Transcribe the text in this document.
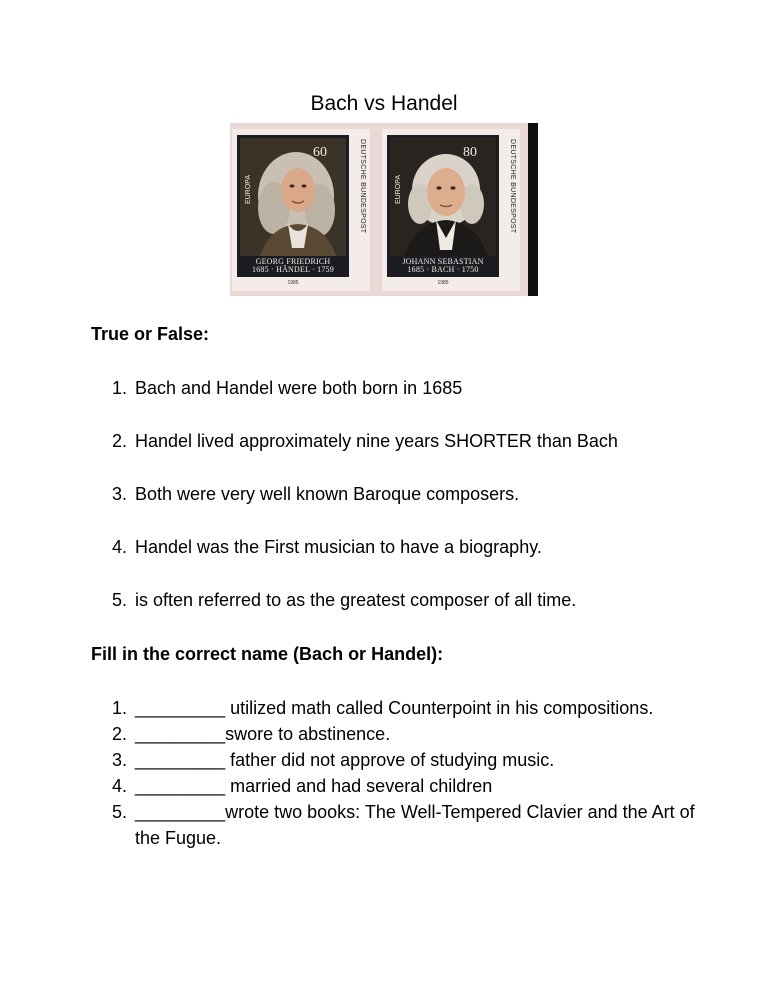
Bach vs Handel
60
EUROPA
GEORG FRIEDRICH
1685 · HÄNDEL · 1759
DEUTSCHE BUNDESPOST
1985
80
EUROPA
JOHANN SEBASTIAN
1685 · BACH · 1750
DEUTSCHE BUNDESPOST
1985
True or False:
1. Bach and Handel were both born in 1685
2. Handel lived approximately nine years SHORTER than Bach
3. Both were very well known Baroque composers.
4. Handel was the First musician to have a biography.
5. is often referred to as the greatest composer of all time.
Fill in the correct name (Bach or Handel):
1. _________ utilized math called Counterpoint in his compositions.
2. _________swore to abstinence.
3. _________ father did not approve of studying music.
4. _________ married and had several children
5. _________wrote two books: The Well-Tempered Clavier and the Art of the Fugue.
